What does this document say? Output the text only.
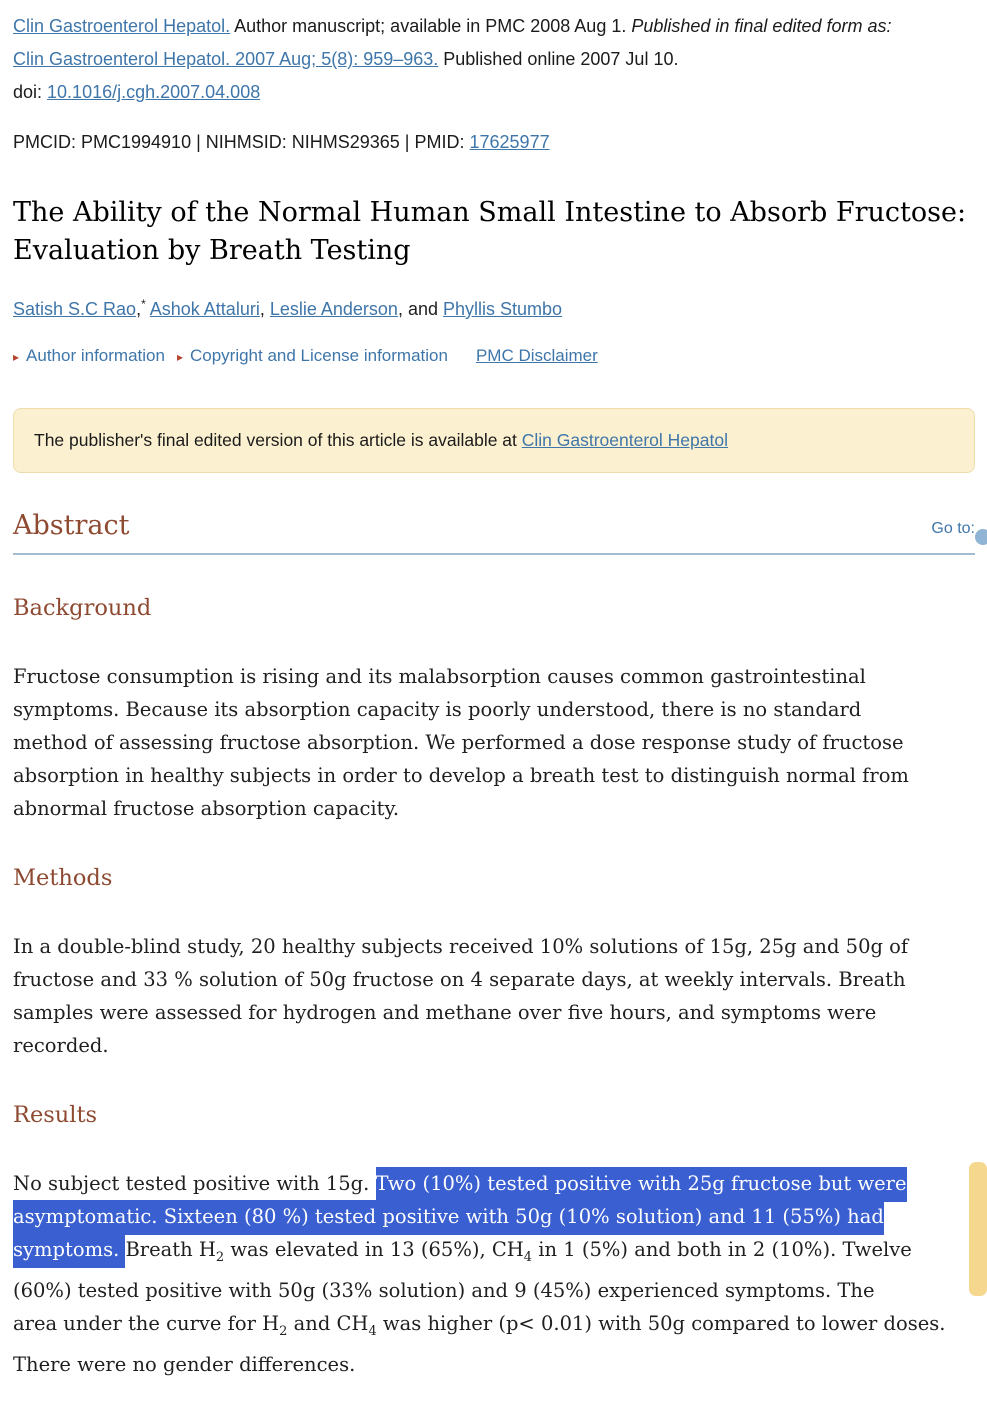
Clin Gastroenterol Hepatol. Author manuscript; available in PMC 2008 Aug 1. Published in final edited form as:

Clin Gastroenterol Hepatol. 2007 Aug; 5(8): 959–963. Published online 2007 Jul 10.

doi: 10.1016/j.cgh.2007.04.008

PMCID: PMC1994910 | NIHMSID: NIHMS29365 | PMID: 17625977

The Ability of the Normal Human Small Intestine to Absorb Fructose:
Evaluation by Breath Testing

Satish S.C Rao,* Ashok Attaluri, Leslie Anderson, and Phyllis Stumbo

▸ Author information ▸ Copyright and License information PMC Disclaimer

The publisher's final edited version of this article is available at Clin Gastroenterol Hepatol

Abstract	Go to:
Background

Fructose consumption is rising and its malabsorption causes common gastrointestinal
symptoms. Because its absorption capacity is poorly understood, there is no standard
method of assessing fructose absorption. We performed a dose response study of fructose
absorption in healthy subjects in order to develop a breath test to distinguish normal from
abnormal fructose absorption capacity.

Methods

In a double-blind study, 20 healthy subjects received 10% solutions of 15g, 25g and 50g of
fructose and 33 % solution of 50g fructose on 4 separate days, at weekly intervals. Breath
samples were assessed for hydrogen and methane over five hours, and symptoms were
recorded.

Results

No subject tested positive with 15g. Two (10%) tested positive with 25g fructose but were
asymptomatic. Sixteen (80 %) tested positive with 50g (10% solution) and 11 (55%) had
symptoms. Breath $H_2$ was elevated in 13 (65%), $CH_4$ in 1 (5%) and both in 2 (10%). Twelve
(60%) tested positive with 50g (33% solution) and 9 (45%) experienced symptoms. The
area under the curve for $H_2$ and $CH_4$ was higher (p< 0.01) with 50g compared to lower doses.
There were no gender differences.
